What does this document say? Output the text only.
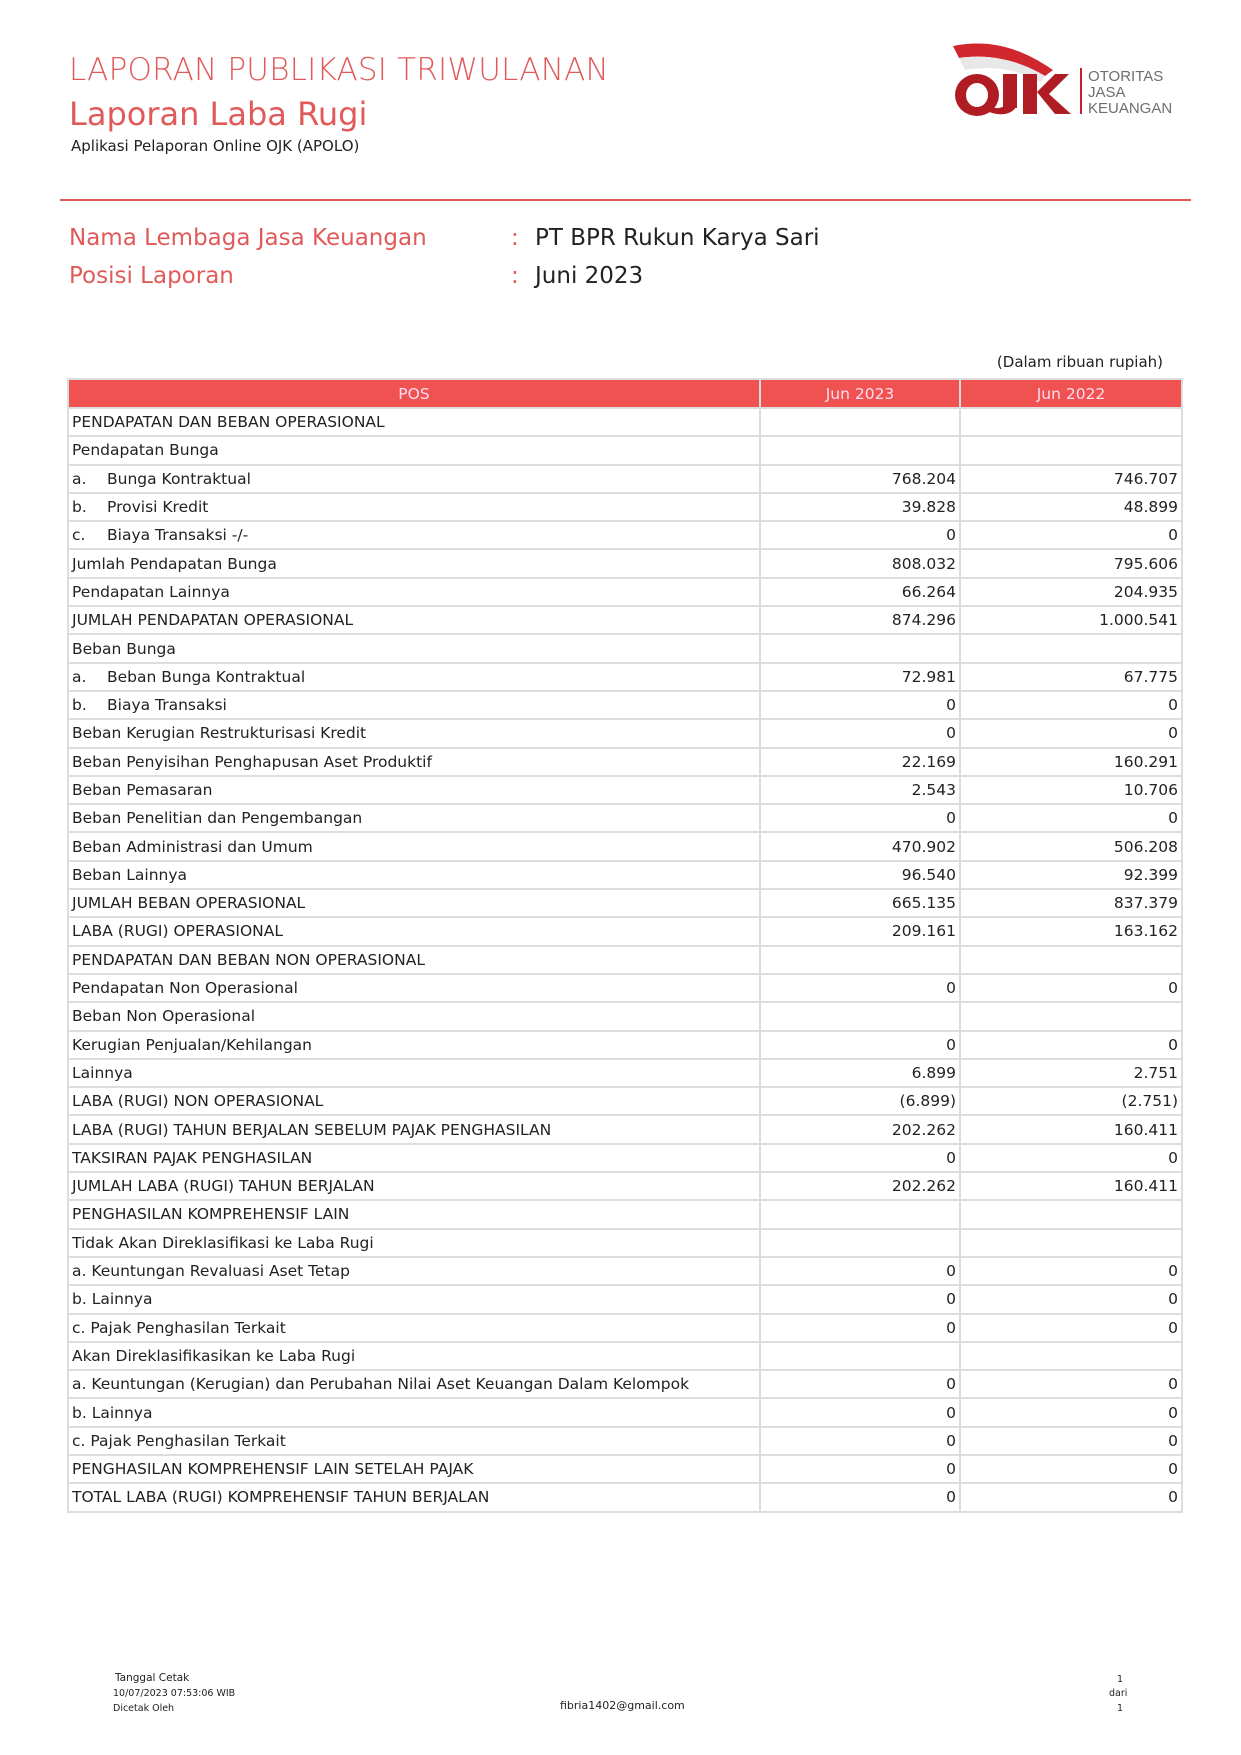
LAPORAN PUBLIKASI TRIWULANAN
Laporan Laba Rugi
Aplikasi Pelaporan Online OJK (APOLO)
OTORITAS
JASA
KEUANGAN
Nama Lembaga Jasa Keuangan	: PT BPR Rukun Karya Sari
Posisi Laporan	: Juni 2023
(Dalam ribuan rupiah)
POS	Jun 2023	Jun 2022
PENDAPATAN DAN BEBAN OPERASIONAL		
Pendapatan Bunga		
a. Bunga Kontraktual	768.204	746.707
b. Provisi Kredit	39.828	48.899
c. Biaya Transaksi -/-	0	0
Jumlah Pendapatan Bunga	808.032	795.606
Pendapatan Lainnya	66.264	204.935
JUMLAH PENDAPATAN OPERASIONAL	874.296	1.000.541
Beban Bunga		
a. Beban Bunga Kontraktual	72.981	67.775
b. Biaya Transaksi	0	0
Beban Kerugian Restrukturisasi Kredit	0	0
Beban Penyisihan Penghapusan Aset Produktif	22.169	160.291
Beban Pemasaran	2.543	10.706
Beban Penelitian dan Pengembangan	0	0
Beban Administrasi dan Umum	470.902	506.208
Beban Lainnya	96.540	92.399
JUMLAH BEBAN OPERASIONAL	665.135	837.379
LABA (RUGI) OPERASIONAL	209.161	163.162
PENDAPATAN DAN BEBAN NON OPERASIONAL		
Pendapatan Non Operasional	0	0
Beban Non Operasional		
Kerugian Penjualan/Kehilangan	0	0
Lainnya	6.899	2.751
LABA (RUGI) NON OPERASIONAL	(6.899)	(2.751)
LABA (RUGI) TAHUN BERJALAN SEBELUM PAJAK PENGHASILAN	202.262	160.411
TAKSIRAN PAJAK PENGHASILAN	0	0
JUMLAH LABA (RUGI) TAHUN BERJALAN	202.262	160.411
PENGHASILAN KOMPREHENSIF LAIN		
Tidak Akan Direklasifikasi ke Laba Rugi		
a. Keuntungan Revaluasi Aset Tetap	0	0
b. Lainnya	0	0
c. Pajak Penghasilan Terkait	0	0
Akan Direklasifikasikan ke Laba Rugi		
a. Keuntungan (Kerugian) dan Perubahan Nilai Aset Keuangan Dalam Kelompok	0	0
b. Lainnya	0	0
c. Pajak Penghasilan Terkait	0	0
PENGHASILAN KOMPREHENSIF LAIN SETELAH PAJAK	0	0
TOTAL LABA (RUGI) KOMPREHENSIF TAHUN BERJALAN	0	0
Tanggal Cetak
10/07/2023 07:53:06 WIB
Dicetak Oleh	fibria1402@gmail.com
1
dari
1
